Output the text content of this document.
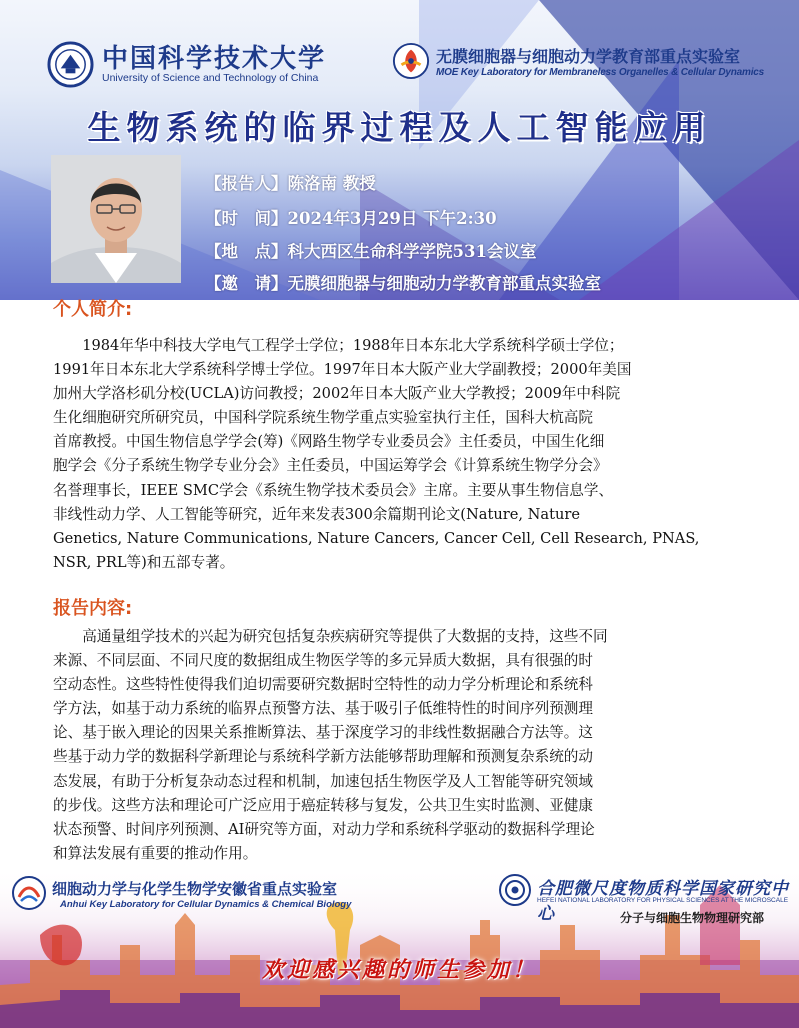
中国科学技术大学
University of Science and Technology of China
无膜细胞器与细胞动力学教育部重点实验室
MOE Key Laboratory for Membraneless Organelles & Cellular Dynamics
生物系统的临界过程及人工智能应用
【报告人】陈洛南 教授
【时　间】2024年3月29日 下午2:30
【地　点】科大西区生命科学学院531会议室
【邀　请】无膜细胞器与细胞动力学教育部重点实验室
个人简介:
　　1984年华中科技大学电气工程学士学位；1988年日本东北大学系统科学硕士学位；
1991年日本东北大学系统科学博士学位。1997年日本大阪产业大学副教授；2000年美国
加州大学洛杉矶分校(UCLA)访问教授；2002年日本大阪产业大学教授；2009年中科院
生化细胞研究所研究员，中国科学院系统生物学重点实验室执行主任，国科大杭高院
首席教授。中国生物信息学学会(筹)《网路生物学专业委员会》主任委员，中国生化细
胞学会《分子系统生物学专业分会》主任委员，中国运筹学会《计算系统生物学分会》
名誉理事长，IEEE SMC学会《系统生物学技术委员会》主席。主要从事生物信息学、
非线性动力学、人工智能等研究，近年来发表300余篇期刊论文(Nature, Nature
Genetics, Nature Communications, Nature Cancers, Cancer Cell, Cell Research, PNAS,
NSR, PRL等)和五部专著。
报告内容:
　　高通量组学技术的兴起为研究包括复杂疾病研究等提供了大数据的支持，这些不同
来源、不同层面、不同尺度的数据组成生物医学等的多元异质大数据，具有很强的时
空动态性。这些特性使得我们迫切需要研究数据时空特性的动力学分析理论和系统科
学方法，如基于动力系统的临界点预警方法、基于吸引子低维特性的时间序列预测理
论、基于嵌入理论的因果关系推断算法、基于深度学习的非线性数据融合方法等。这
些基于动力学的数据科学新理论与系统科学新方法能够帮助理解和预测复杂系统的动
态发展，有助于分析复杂动态过程和机制，加速包括生物医学及人工智能等研究领域
的步伐。这些方法和理论可广泛应用于癌症转移与复发，公共卫生实时监测、亚健康
状态预警、时间序列预测、AI研究等方面，对动力学和系统科学驱动的数据科学理论
和算法发展有重要的推动作用。
细胞动力学与化学生物学安徽省重点实验室
Anhui Key Laboratory for Cellular Dynamics & Chemical Biology
合肥微尺度物质科学国家研究中心
HEFEI NATIONAL LABORATORY FOR PHYSICAL SCIENCES AT THE MICROSCALE
分子与细胞生物物理研究部
欢迎感兴趣的师生参加！
